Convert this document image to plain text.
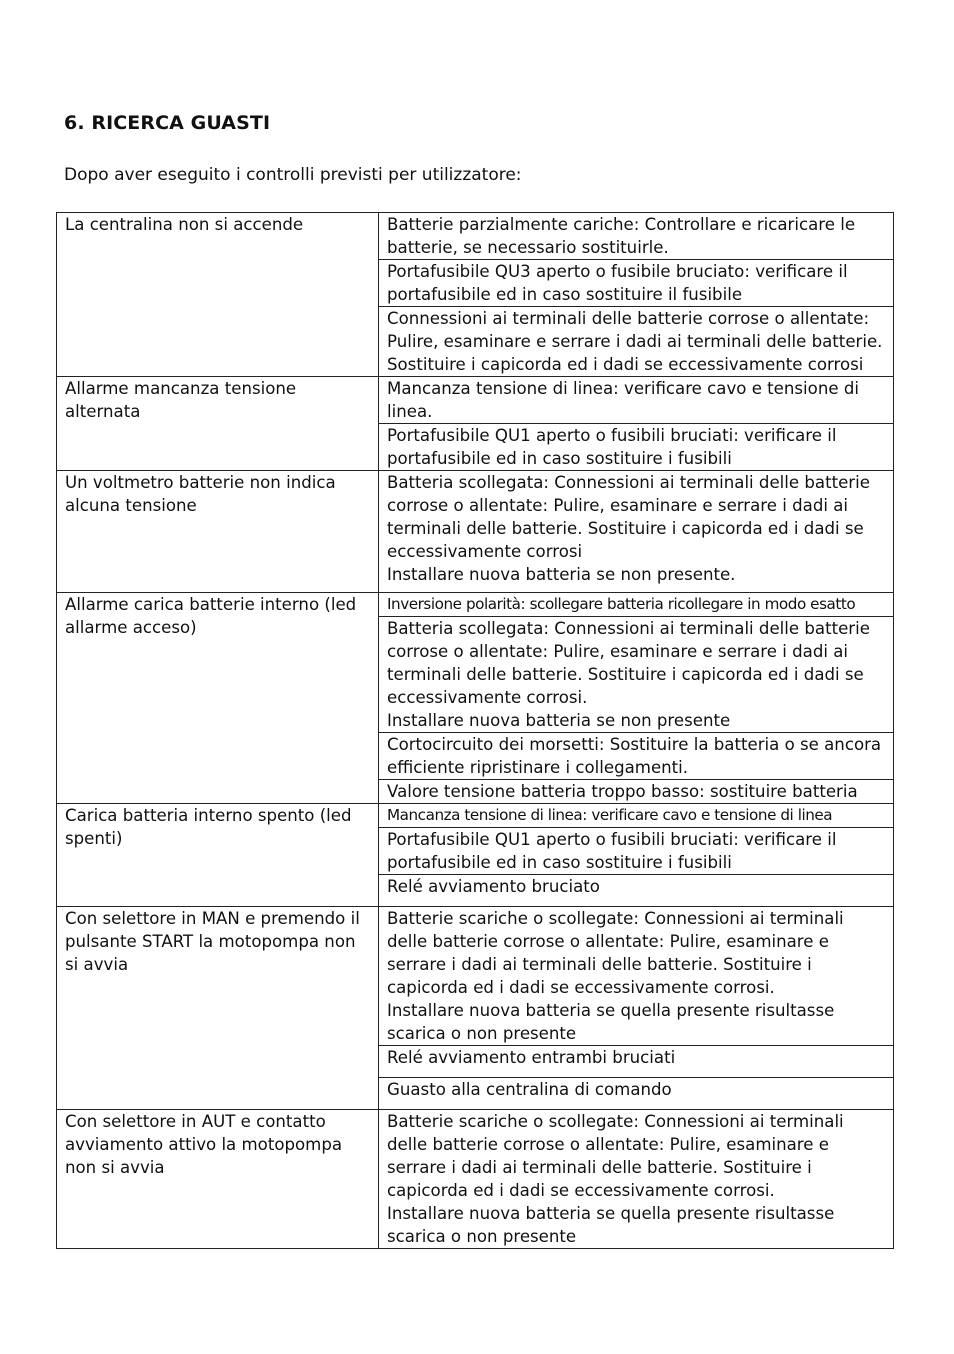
6. RICERCA GUASTI

Dopo aver eseguito i controlli previsti per utilizzatore:

La centralina non si accende	Batterie parzialmente cariche: Controllare e ricaricare le batterie, se necessario sostituirle.
Portafusibile QU3 aperto o fusibile bruciato: verificare il portafusibile ed in caso sostituire il fusibile
Connessioni ai terminali delle batterie corrose o allentate: Pulire, esaminare e serrare i dadi ai terminali delle batterie. Sostituire i capicorda ed i dadi se eccessivamente corrosi

Allarme mancanza tensione alternata	Mancanza tensione di linea: verificare cavo e tensione di linea.
Portafusibile QU1 aperto o fusibili bruciati: verificare il portafusibile ed in caso sostituire i fusibili

Un voltmetro batterie non indica alcuna tensione	Batteria scollegata: Connessioni ai terminali delle batterie corrose o allentate: Pulire, esaminare e serrare i dadi ai terminali delle batterie. Sostituire i capicorda ed i dadi se eccessivamente corrosi
Installare nuova batteria se non presente.

Allarme carica batterie interno (led allarme acceso)	Inversione polarità: scollegare batteria ricollegare in modo esatto
Batteria scollegata: Connessioni ai terminali delle batterie corrose o allentate: Pulire, esaminare e serrare i dadi ai terminali delle batterie. Sostituire i capicorda ed i dadi se eccessivamente corrosi.
Installare nuova batteria se non presente
Cortocircuito dei morsetti: Sostituire la batteria o se ancora efficiente ripristinare i collegamenti.
Valore tensione batteria troppo basso: sostituire batteria

Carica batteria interno spento (led spenti)	Mancanza tensione di linea: verificare cavo e tensione di linea
Portafusibile QU1 aperto o fusibili bruciati: verificare il portafusibile ed in caso sostituire i fusibili
Relé avviamento bruciato

Con selettore in MAN e premendo il pulsante START la motopompa non si avvia	Batterie scariche o scollegate: Connessioni ai terminali delle batterie corrose o allentate: Pulire, esaminare e serrare i dadi ai terminali delle batterie. Sostituire i capicorda ed i dadi se eccessivamente corrosi.
Installare nuova batteria se quella presente risultasse scarica o non presente
Relé avviamento entrambi bruciati
Guasto alla centralina di comando

Con selettore in AUT e contatto avviamento attivo la motopompa non si avvia	Batterie scariche o scollegate: Connessioni ai terminali delle batterie corrose o allentate: Pulire, esaminare e serrare i dadi ai terminali delle batterie. Sostituire i capicorda ed i dadi se eccessivamente corrosi.
Installare nuova batteria se quella presente risultasse scarica o non presente
